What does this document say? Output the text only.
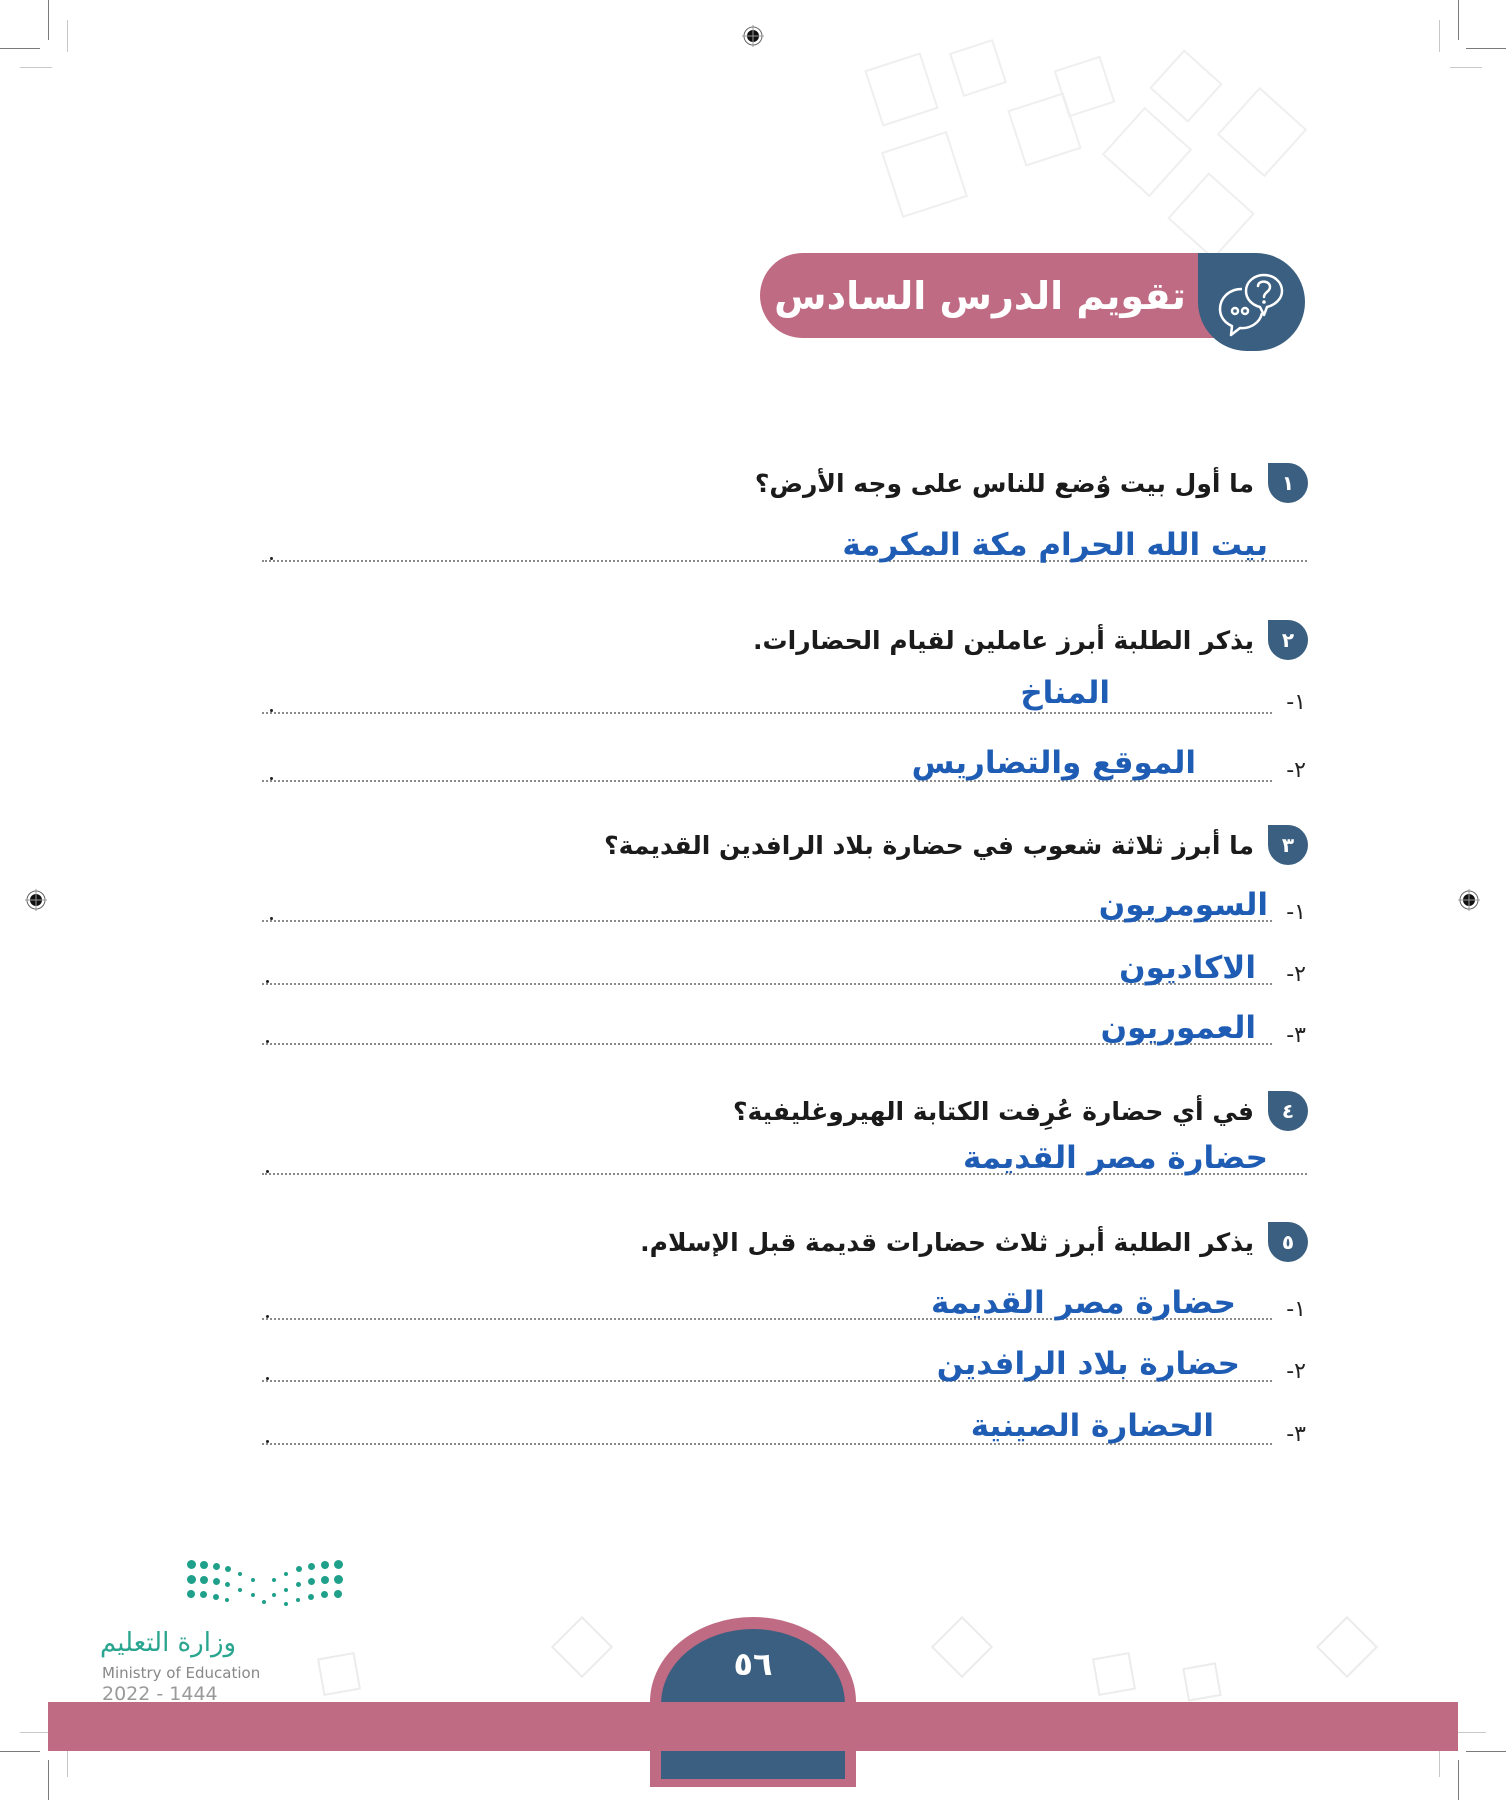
تقويم الدرس السادس
١
ما أول بيت وُضع للناس على وجه الأرض؟
بيت الله الحرام مكة المكرمة
٢
يذكر الطلبة أبرز عاملين لقيام الحضارات.
١-
المناخ
٢-
الموقع والتضاريس
٣
ما أبرز ثلاثة شعوب في حضارة بلاد الرافدين القديمة؟
١-
السومريون
٢-
الاكاديون
٣-
العموريون
٤
في أي حضارة عُرِفت الكتابة الهيروغليفية؟
حضارة مصر القديمة
٥
يذكر الطلبة أبرز ثلاث حضارات قديمة قبل الإسلام.
١-
حضارة مصر القديمة
٢-
حضارة بلاد الرافدين
٣-
الحضارة الصينية
٥٦
وزارة التعليم
Ministry of Education
2022 - 1444
